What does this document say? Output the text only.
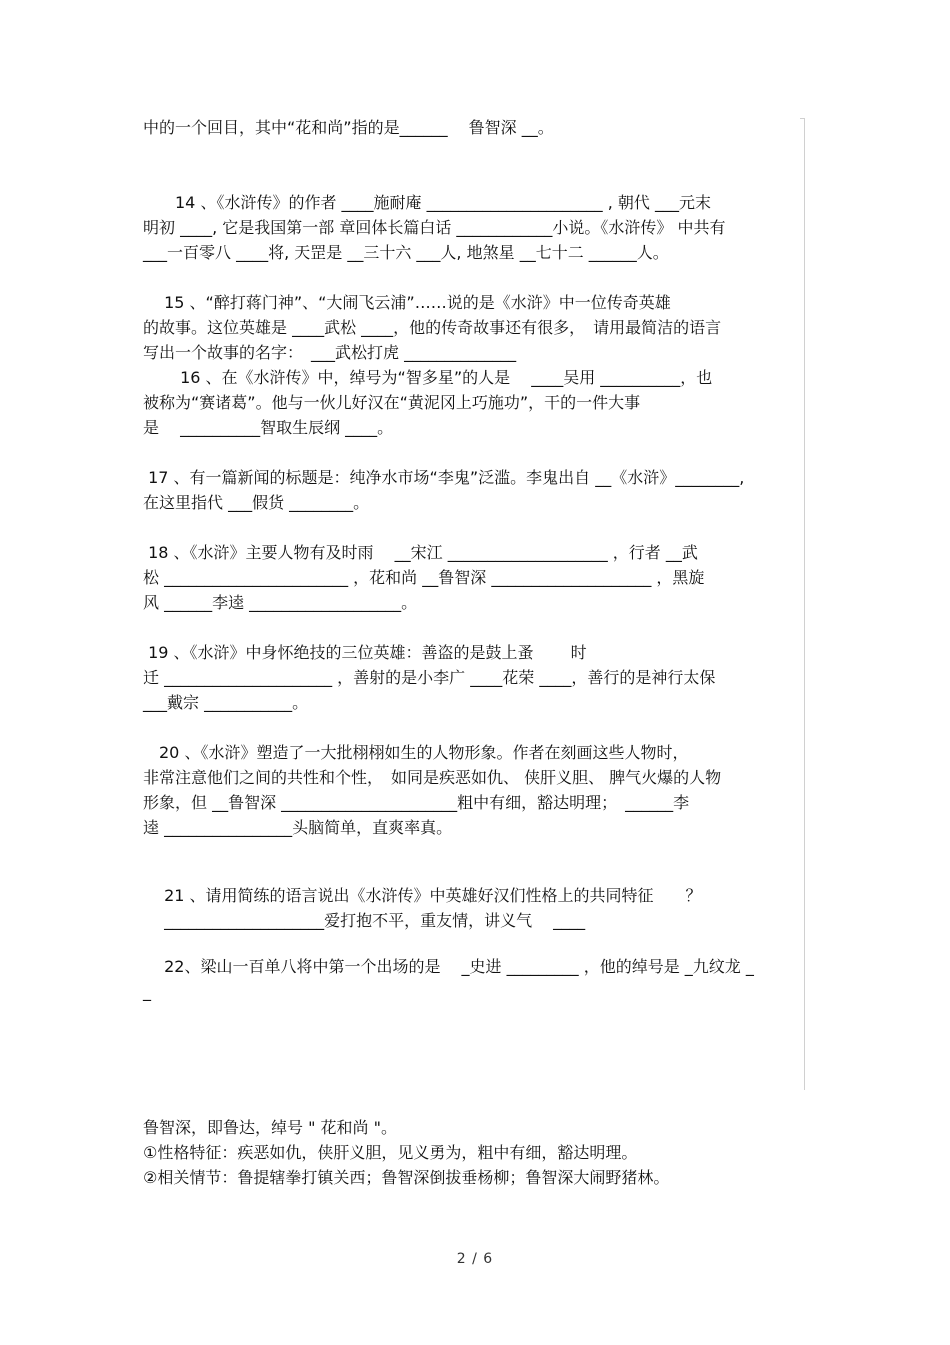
中的一个回目，其中“花和尚”指的是______　 鲁智深 __。
　　14 、《水浒传》的作者 ____施耐庵 ______________________ , 朝代 ___元末
明初 ____, 它是我国第一部 章回体长篇白话 ____________小说。《水浒传》 中共有
___一百零八 ____将, 天罡是 __三十六 ___人, 地煞星 __七十二 ______人。
　 15 、“醉打蒋门神”、“大闹飞云浦”……说的是《水浒》中一位传奇英雄
的故事。这位英雄是 ____武松 ____，他的传奇故事还有很多，　请用最简洁的语言
写出一个故事的名字：　___武松打虎 ______________
　　 16 、在《水浒传》中，绰号为“智多星”的人是 　____吴用 __________，也
被称为“赛诸葛”。他与一伙儿好汉在“黄泥冈上巧施功”，干的一件大事
是 　__________智取生辰纲 ____。
17 、有一篇新闻的标题是：纯净水市场“李鬼”泛滥。李鬼出自 __《水浒》________,
在这里指代 ___假货 ________。
18 、《水浒》主要人物有及时雨 　__宋江 ____________________ ，行者 __武
松 _______________________ ，花和尚 __鲁智深 ____________________ ，黑旋
风 ______李逵 ___________________。
19 、《水浒》中身怀绝技的三位英雄：善盗的是鼓上蚤 　　时
迁 _____________________ ，善射的是小李广 ____花荣 ____，善行的是神行太保
___戴宗 ___________。
　20 、《水浒》塑造了一大批栩栩如生的人物形象。作者在刻画这些人物时，
非常注意他们之间的共性和个性，　如同是疾恶如仇、 侠肝义胆、 脾气火爆的人物
形象，但 __鲁智深 ______________________粗中有细，豁达明理；　______李
逵 ________________头脑简单，直爽率真。
　 21 、请用简练的语言说出《水浒传》中英雄好汉们性格上的共同特征　　？
　 ____________________爱打抱不平，重友情，讲义气 　____
　 22、梁山一百单八将中第一个出场的是 　_史进 _________ ，他的绰号是 _九纹龙 _
_
鲁智深，即鲁达，绰号 " 花和尚 "。
①性格特征：疾恶如仇，侠肝义胆，见义勇为，粗中有细，豁达明理。
②相关情节：鲁提辖拳打镇关西；鲁智深倒拔垂杨柳；鲁智深大闹野猪林。
2 / 6
